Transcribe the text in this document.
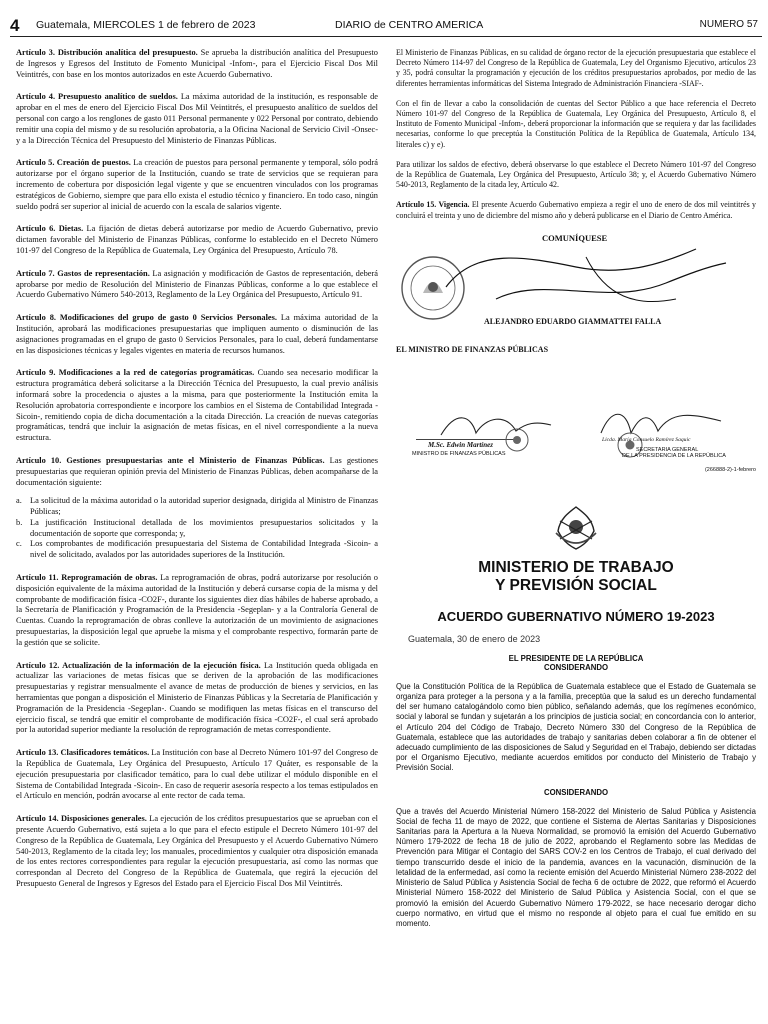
4 Guatemala, MIERCOLES 1 de febrero de 2023	DIARIO de CENTRO AMERICA	NUMERO 57

Artículo 3. Distribución analítica del presupuesto. Se aprueba la distribución analítica del Presupuesto de Ingresos y Egresos del Instituto de Fomento Municipal -Infom-, para el Ejercicio Fiscal Dos Mil Veintitrés, con base en los montos autorizados en este Acuerdo Gubernativo.

Artículo 4. Presupuesto analítico de sueldos. La máxima autoridad de la institución, es responsable de aprobar en el mes de enero del Ejercicio Fiscal Dos Mil Veintitrés, el presupuesto analítico de sueldos del personal con cargo a los renglones de gasto 011 Personal permanente y 022 Personal por contrato, debiendo remitir una copia del mismo y de su resolución aprobatoria, a la Oficina Nacional de Servicio Civil -Onsec- y a la Dirección Técnica del Presupuesto del Ministerio de Finanzas Públicas.

Artículo 5. Creación de puestos. La creación de puestos para personal permanente y temporal, sólo podrá autorizarse por el órgano superior de la Institución, cuando se trate de servicios que se requieran para incremento de cobertura por disposición legal vigente y que se encuentren vinculados con los programas estratégicos de Gobierno, siempre que para ello exista el estudio técnico y financiero. En todo caso, ningún sueldo podrá ser superior al inicial de acuerdo con la escala de salarios vigente.

Artículo 6. Dietas. La fijación de dietas deberá autorizarse por medio de Acuerdo Gubernativo, previo dictamen favorable del Ministerio de Finanzas Públicas, conforme lo establecido en el Decreto Número 101-97 del Congreso de la República de Guatemala, Ley Orgánica del Presupuesto, Artículo 78.

Artículo 7. Gastos de representación. La asignación y modificación de Gastos de representación, deberá aprobarse por medio de Resolución del Ministerio de Finanzas Públicas, conforme a lo que establece el Acuerdo Gubernativo Número 540-2013, Reglamento de la Ley Orgánica del Presupuesto, Artículo 91.

Artículo 8. Modificaciones del grupo de gasto 0 Servicios Personales. La máxima autoridad de la Institución, aprobará las modificaciones presupuestarias que impliquen aumento o disminución de las asignaciones programadas en el grupo de gasto 0 Servicios Personales, para lo cual, deberá fundamentarse en las disposiciones técnicas y legales vigentes en materia de recursos humanos.

Artículo 9. Modificaciones a la red de categorías programáticas. Cuando sea necesario modificar la estructura programática deberá solicitarse a la Dirección Técnica del Presupuesto, la cual previo análisis informará sobre la procedencia o ajustes a la misma, para que posteriormente la Institución emita la Resolución aprobatoria correspondiente e incorpore los cambios en el Sistema de Contabilidad Integrada -Sicoin-, remitiendo copia de dicha documentación a la citada Dirección. La creación de nuevas categorías programáticas, tendrá que incluir la asignación de metas físicas, en el nivel correspondiente a la nueva estructura.

Artículo 10. Gestiones presupuestarias ante el Ministerio de Finanzas Públicas. Las gestiones presupuestarias que requieran opinión previa del Ministerio de Finanzas Públicas, deben acompañarse de la documentación siguiente:

a. La solicitud de la máxima autoridad o la autoridad superior designada, dirigida al Ministro de Finanzas Públicas;
b. La justificación Institucional detallada de los movimientos presupuestarios solicitados y la documentación de soporte que corresponda; y,
c. Los comprobantes de modificación presupuestaria del Sistema de Contabilidad Integrada -Sicoin- a nivel de solicitado, avalados por las autoridades superiores de la Institución.

Artículo 11. Reprogramación de obras. La reprogramación de obras, podrá autorizarse por resolución o disposición equivalente de la máxima autoridad de la Institución y deberá cursarse copia de la misma y del comprobante de modificación física -CO2F-, durante los siguientes diez días hábiles de haberse aprobado, a la Secretaría de Planificación y Programación de la Presidencia -Segeplan- y a la Contraloría General de Cuentas. Cuando la reprogramación de obras conlleve la autorización de un movimiento de asignaciones presupuestarias, la disposición legal que apruebe la misma y el comprobante respectivo, formarán parte de la gestión que se solicite.

Artículo 12. Actualización de la información de la ejecución física. La Institución queda obligada en actualizar las variaciones de metas físicas que se deriven de la aprobación de las modificaciones presupuestarias y registrar mensualmente el avance de metas de producción de bienes y servicios, en las herramientas que pongan a disposición el Ministerio de Finanzas Públicas y la Secretaría de Planificación y Programación de la Presidencia -Segeplan-. Cuando se modifiquen las metas físicas en el transcurso del ejercicio fiscal, se tendrá que emitir el comprobante de modificación física -CO2F-, el cual será aprobado por la autoridad superior mediante la resolución de reprogramación de metas correspondiente.

Artículo 13. Clasificadores temáticos. La Institución con base al Decreto Número 101-97 del Congreso de la República de Guatemala, Ley Orgánica del Presupuesto, Artículo 17 Quáter, es responsable de la ejecución presupuestaria por clasificador temático, para lo cual debe utilizar el módulo disponible en el Sistema de Contabilidad Integrada -Sicoin-. En caso de requerir asesoría respecto a los temas estipulados en el Artículo en mención, podrán avocarse al ente rector de cada tema.

Artículo 14. Disposiciones generales. La ejecución de los créditos presupuestarios que se aprueban con el presente Acuerdo Gubernativo, está sujeta a lo que para el efecto estipule el Decreto Número 101-97 del Congreso de la República de Guatemala, Ley Orgánica del Presupuesto y el Acuerdo Gubernativo Número 540-2013, Reglamento de la citada ley; los manuales, procedimientos y cualquier otra disposición emanada de los entes rectores correspondientes para regular la ejecución presupuestaria, así como las normas que correspondan al Decreto del Congreso de la República de Guatemala, que regirá la ejecución del Presupuesto General de Ingresos y Egresos del Estado para el Ejercicio Fiscal Dos Mil Veintitrés.

El Ministerio de Finanzas Públicas, en su calidad de órgano rector de la ejecución presupuestaria que establece el Decreto Número 114-97 del Congreso de la República de Guatemala, Ley del Organismo Ejecutivo, artículos 23 y 35, podrá consultar la programación y ejecución de los créditos presupuestarios aprobados, por medio de las diferentes herramientas informáticas del Sistema Integrado de Administración Financiera -SIAF-.

Con el fin de llevar a cabo la consolidación de cuentas del Sector Público a que hace referencia el Decreto Número 101-97 del Congreso de la República de Guatemala, Ley Orgánica del Presupuesto, Artículo 8, el Instituto de Fomento Municipal -Infom-, deberá proporcionar la información que se requiera y dar las facilidades necesarias, conforme lo que preceptúa la Constitución Política de la República de Guatemala, Artículo 134, literales c) y e).

Para utilizar los saldos de efectivo, deberá observarse lo que establece el Decreto Número 101-97 del Congreso de la República de Guatemala, Ley Orgánica del Presupuesto, Artículo 38; y, el Acuerdo Gubernativo Número 540-2013, Reglamento de la citada ley, Artículo 42.

Artículo 15. Vigencia. El presente Acuerdo Gubernativo empieza a regir el uno de enero de dos mil veintitrés y concluirá el treinta y uno de diciembre del mismo año y deberá publicarse en el Diario de Centro América.

COMUNÍQUESE
ALEJANDRO EDUARDO GIAMMATTEI FALLA
EL MINISTRO DE FINANZAS PÚBLICAS
M.Sc. Edwin Martínez
MINISTRO DE FINANZAS PÚBLICAS
Licda. María Consuelo Ramírez Saquic
SECRETARIA GENERAL
DE LA PRESIDENCIA DE LA REPÚBLICA
(266888-2)-1-febrero
MINISTERIO DE TRABAJO
Y PREVISIÓN SOCIAL
ACUERDO GUBERNATIVO NÚMERO 19-2023
Guatemala, 30 de enero de 2023

EL PRESIDENTE DE LA REPÚBLICA

CONSIDERANDO

Que la Constitución Política de la República de Guatemala establece que el Estado de Guatemala se organiza para proteger a la persona y a la familia, preceptúa que la salud es un derecho fundamental del ser humano catalogándolo como bien público, señalando además, que los regímenes económico, social y laboral se fundan y sujetarán a los principios de justicia social; en concordancia con lo anterior, el Artículo 204 del Código de Trabajo, Decreto Número 330 del Congreso de la República de Guatemala, establece que las autoridades de trabajo y sanitarias deben colaborar a fin de obtener el adecuado cumplimiento de las disposiciones de Salud y Seguridad en el Trabajo, debiendo ser dictadas por el Organismo Ejecutivo, mediante acuerdos emitidos por conducto del Ministerio de Trabajo y Previsión Social.

CONSIDERANDO

Que a través del Acuerdo Ministerial Número 158-2022 del Ministerio de Salud Pública y Asistencia Social de fecha 11 de mayo de 2022, que contiene el Sistema de Alertas Sanitarias y Disposiciones Sanitarias para la Apertura a la Nueva Normalidad, se promovió la emisión del Acuerdo Gubernativo Número 179-2022 de fecha 18 de julio de 2022, aprobando el Reglamento sobre las Medidas de Prevención para Mitigar el Contagio del SARS COV-2 en los Centros de Trabajo, el cual derivado del tiempo transcurrido desde el inicio de la pandemia, avances en la vacunación, disminución de la letalidad de la enfermedad, así como la reciente emisión del Acuerdo Ministerial Número 238-2022 del Ministerio de Salud Pública y Asistencia Social de fecha 6 de octubre de 2022, que reformó el Acuerdo Ministerial Número 158-2022 del Ministerio de Salud Pública y Asistencia Social, con el que se promovió la emisión del Acuerdo Gubernativo Número 179-2022, se hace necesario derogar dicho cuerpo normativo, en virtud que el mismo no responde al objeto para el cual fue emitido en su momento.
